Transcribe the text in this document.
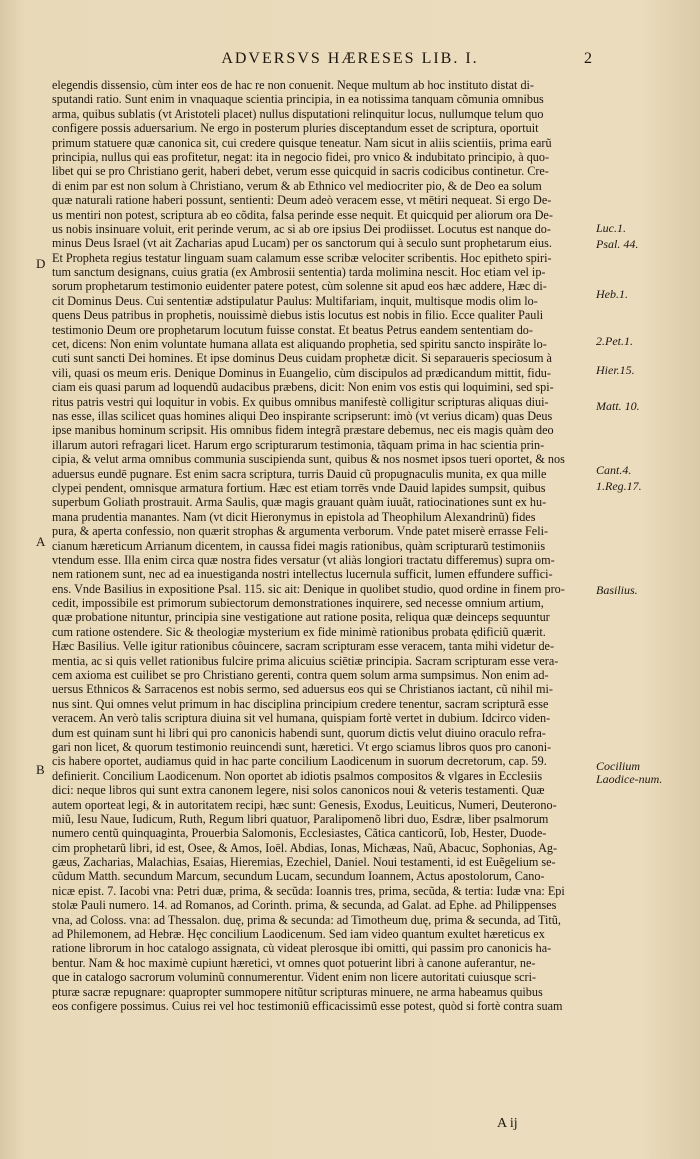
ADVERSVS HÆRESES LIB. I.	2
elegendis dissensio, cùm inter eos de hac re non conuenit. Neque multum ab hoc instituto distat di-
sputandi ratio. Sunt enim in vnaquaque scientia principia, in ea notissima tanquam cõmunia omnibus
arma, quibus sublatis (vt Aristoteli placet) nullus disputationi relinquitur locus, nullumque telum quo
configere possis aduersarium. Ne ergo in posterum pluries disceptandum esset de scriptura, oportuit
primum statuere quæ canonica sit, cui credere quisque teneatur. Nam sicut in aliis scientiis, prima earũ
principia, nullus qui eas profitetur, negat: ita in negocio fidei, pro vnico & indubitato principio, à quo-
libet qui se pro Christiano gerit, haberi debet, verum esse quicquid in sacris codicibus continetur. Cre-
di enim par est non solum à Christiano, verum & ab Ethnico vel mediocriter pio, & de Deo ea solum
quæ naturali ratione haberi possunt, sentienti: Deum adeò veracem esse, vt mētiri nequeat. Si ergo De-
us mentiri non potest, scriptura ab eo cõdita, falsa perinde esse nequit. Et quicquid per aliorum ora De-
us nobis insinuare voluit, erit perinde verum, ac si ab ore ipsius Dei prodiisset. Locutus est nanque do-
minus Deus Israel (vt ait Zacharias apud Lucam) per os sanctorum qui à seculo sunt prophetarum eius.
Et Propheta regius testatur linguam suam calamum esse scribæ velociter scribentis. Hoc epitheto spiri-
tum sanctum designans, cuius gratia (ex Ambrosii sententia) tarda molimina nescit. Hoc etiam vel ip-
sorum prophetarum testimonio euidenter patere potest, cùm solenne sit apud eos hæc addere, Hæc di-
cit Dominus Deus. Cui sententiæ adstipulatur Paulus: Multifariam, inquit, multisque modis olim lo-
quens Deus patribus in prophetis, nouissimè diebus istis locutus est nobis in filio. Ecce qualiter Pauli
testimonio Deum ore prophetarum locutum fuisse constat. Et beatus Petrus eandem sententiam do-
cet, dicens: Non enim voluntate humana allata est aliquando prophetia, sed spiritu sancto inspirãte lo-
cuti sunt sancti Dei homines. Et ipse dominus Deus cuidam prophetæ dicit. Si separaueris speciosum à
vili, quasi os meum eris. Denique Dominus in Euangelio, cùm discipulos ad prædicandum mittit, fidu-
ciam eis quasi parum ad loquendũ audacibus præbens, dicit: Non enim vos estis qui loquimini, sed spi-
ritus patris vestri qui loquitur in vobis. Ex quibus omnibus manifestè colligitur scripturas aliquas diui-
nas esse, illas scilicet quas homines aliqui Deo inspirante scripserunt: imò (vt verius dicam) quas Deus
ipse manibus hominum scripsit. His omnibus fidem integrã præstare debemus, nec eis magis quàm deo
illarum autori refragari licet. Harum ergo scripturarum testimonia, tãquam prima in hac scientia prin-
cipia, & velut arma omnibus communia suscipienda sunt, quibus & nos nosmet ipsos tueri oportet, & nos
aduersus eundē pugnare. Est enim sacra scriptura, turris Dauid cũ propugnaculis munita, ex qua mille
clypei pendent, omnisque armatura fortium. Hæc est etiam torrēs vnde Dauid lapides sumpsit, quibus
superbum Goliath prostrauit. Arma Saulis, quæ magis grauant quàm iuuãt, ratiocinationes sunt ex hu-
mana prudentia manantes. Nam (vt dicit Hieronymus in epistola ad Theophilum Alexandrinũ) fides
pura, & aperta confessio, non quærit strophas & argumenta verborum. Vnde patet miserè errasse Feli-
cianum hæreticum Arrianum dicentem, in caussa fidei magis rationibus, quàm scripturarũ testimoniis
vtendum esse. Illa enim circa quæ nostra fides versatur (vt aliàs longiori tractatu differemus) supra om-
nem rationem sunt, nec ad ea inuestiganda nostri intellectus lucernula sufficit, lumen effundere suffici-
ens. Vnde Basilius in expositione Psal. 115. sic ait: Denique in quolibet studio, quod ordine in finem pro-
cedit, impossibile est primorum subiectorum demonstrationes inquirere, sed necesse omnium artium,
quæ probatione nituntur, principia sine vestigatione aut ratione posita, reliqua quæ deinceps sequuntur
cum ratione ostendere. Sic & theologiæ mysterium ex fide minimè rationibus probata ędificiũ quærit.
Hæc Basilius. Velle igitur rationibus côuincere, sacram scripturam esse veracem, tanta mihi videtur de-
mentia, ac si quis vellet rationibus fulcire prima alicuius sciētiæ principia. Sacram scripturam esse vera-
cem axioma est cuilibet se pro Christiano gerenti, contra quem solum arma sumpsimus. Non enim ad-
uersus Ethnicos & Sarracenos est nobis sermo, sed aduersus eos qui se Christianos iactant, cũ nihil mi-
nus sint. Qui omnes velut primum in hac disciplina principium credere tenentur, sacram scripturã esse
veracem. An verò talis scriptura diuina sit vel humana, quispiam fortè vertet in dubium. Idcirco viden-
dum est quinam sunt hi libri qui pro canonicis habendi sunt, quorum dictis velut diuino oraculo refra-
gari non licet, & quorum testimonio reuincendi sunt, hæretici. Vt ergo sciamus libros quos pro canoni-
cis habere oportet, audiamus quid in hac parte concilium Laodicenum in suorum decretorum, cap. 59.
definierit. Concilium Laodicenum. Non oportet ab idiotis psalmos compositos & vlgares in Ecclesiis
dici: neque libros qui sunt extra canonem legere, nisi solos canonicos noui & veteris testamenti. Quæ
autem oporteat legi, & in autoritatem recipi, hæc sunt: Genesis, Exodus, Leuiticus, Numeri, Deuterono-
miũ, Iesu Naue, Iudicum, Ruth, Regum libri quatuor, Paralipomenõ libri duo, Esdræ, liber psalmorum
numero centũ quinquaginta, Prouerbia Salomonis, Ecclesiastes, Cãtica canticorũ, Iob, Hester, Duode-
cim prophetarũ libri, id est, Osee, & Amos, Ioēl. Abdias, Ionas, Michæas, Naũ, Abacuc, Sophonias, Ag-
gæus, Zacharias, Malachias, Esaias, Hieremias, Ezechiel, Daniel. Noui testamenti, id est Euẽgelium se-
cũdum Matth. secundum Marcum, secundum Lucam, secundum Ioannem, Actus apostolorum, Cano-
nicæ epist. 7. Iacobi vna: Petri duæ, prima, & secũda: Ioannis tres, prima, secũda, & tertia: Iudæ vna: Epi
stolæ Pauli numero. 14. ad Romanos, ad Corinth. prima, & secunda, ad Galat. ad Ephe. ad Philippenses
vna, ad Coloss. vna: ad Thessalon. duę, prima & secunda: ad Timotheum duę, prima & secunda, ad Titũ,
ad Philemonem, ad Hebræ. Hęc concilium Laodicenum. Sed iam video quantum exultet hæreticus ex
ratione librorum in hoc catalogo assignata, cù videat plerosque ibi omitti, qui passim pro canonicis ha-
bentur. Nam & hoc maximè cupiunt hæretici, vt omnes quot potuerint libri à canone auferantur, ne-
que in catalogo sacrorum voluminũ connumerentur. Vident enim non licere autoritati cuiusque scri-
pturæ sacræ repugnare: quapropter summopere nitũtur scripturas minuere, ne arma habeamus quibus
eos configere possimus. Cuius rei vel hoc testimoniũ efficacissimũ esse potest, quòd si fortè contra suam
D
A
B
Luc.1.
Psal. 44.
Heb.1.
2.Pet.1.
Hier.15.
Matt. 10.
Cant.4.
1.Reg.17.
Basilius.
Cocilium Laodice-num.
A ij
